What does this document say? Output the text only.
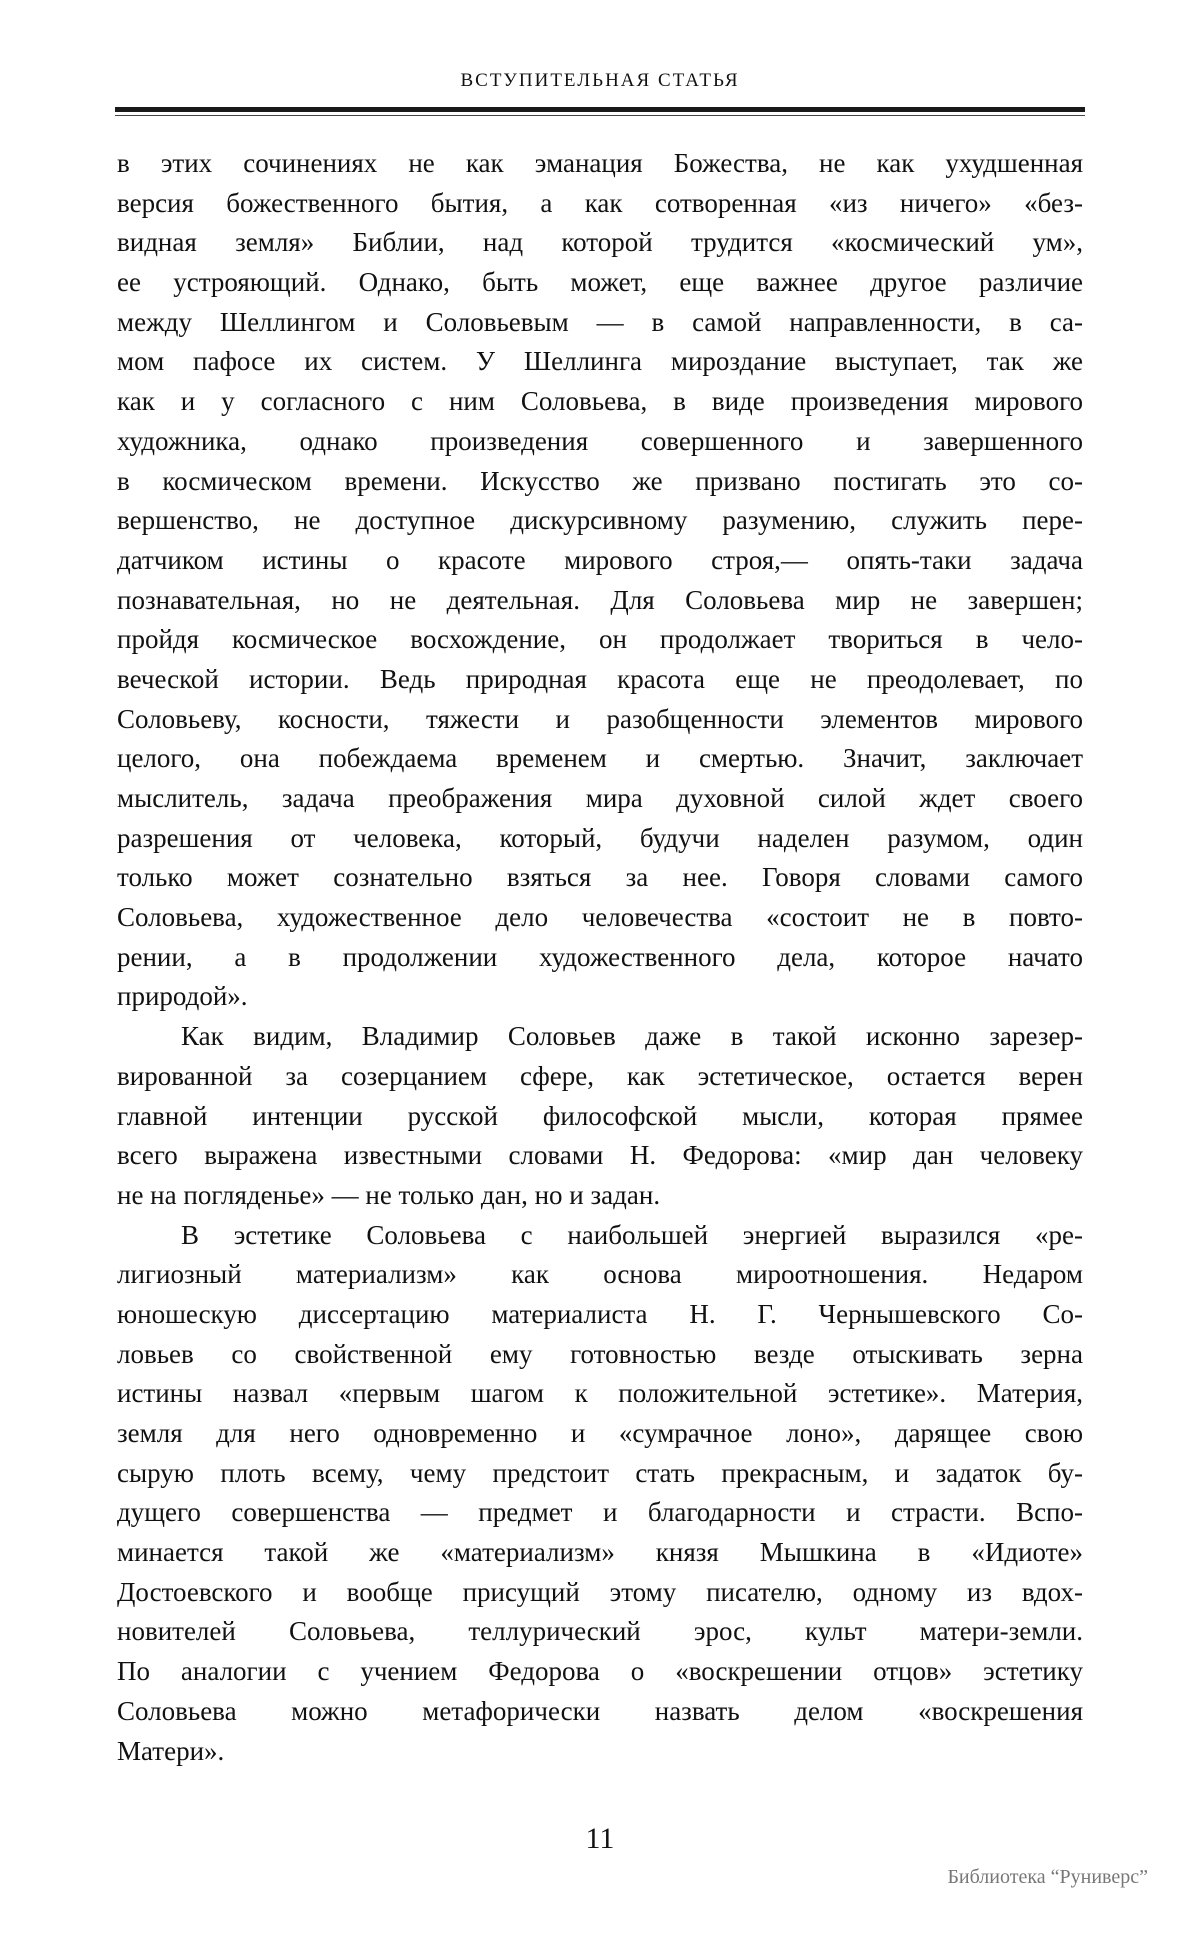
ВСТУПИТЕЛЬНАЯ СТАТЬЯ
в этих сочинениях не как эманация Божества, не как ухудшенная
версия божественного бытия, а как сотворенная «из ничего» «без-
видная земля» Библии, над которой трудится «космический ум»,
ее устрояющий. Однако, быть может, еще важнее другое различие
между Шеллингом и Соловьевым — в самой направленности, в са-
мом пафосе их систем. У Шеллинга мироздание выступает, так же
как и у согласного с ним Соловьева, в виде произведения мирового
художника, однако произведения совершенного и завершенного
в космическом времени. Искусство же призвано постигать это со-
вершенство, не доступное дискурсивному разумению, служить пере-
датчиком истины о красоте мирового строя,— опять-таки задача
познавательная, но не деятельная. Для Соловьева мир не завершен;
пройдя космическое восхождение, он продолжает твориться в чело-
веческой истории. Ведь природная красота еще не преодолевает, по
Соловьеву, косности, тяжести и разобщенности элементов мирового
целого, она побеждаема временем и смертью. Значит, заключает
мыслитель, задача преображения мира духовной силой ждет своего
разрешения от человека, который, будучи наделен разумом, один
только может сознательно взяться за нее. Говоря словами самого
Соловьева, художественное дело человечества «состоит не в повто-
рении, а в продолжении художественного дела, которое начато
природой».
Как видим, Владимир Соловьев даже в такой исконно зарезер-
вированной за созерцанием сфере, как эстетическое, остается верен
главной интенции русской философской мысли, которая прямее
всего выражена известными словами Н. Федорова: «мир дан человеку
не на погляденье» — не только дан, но и задан.
В эстетике Соловьева с наибольшей энергией выразился «ре-
лигиозный материализм» как основа мироотношения. Недаром
юношескую диссертацию материалиста Н. Г. Чернышевского Со-
ловьев со свойственной ему готовностью везде отыскивать зерна
истины назвал «первым шагом к положительной эстетике». Материя,
земля для него одновременно и «сумрачное лоно», дарящее свою
сырую плоть всему, чему предстоит стать прекрасным, и задаток бу-
дущего совершенства — предмет и благодарности и страсти. Вспо-
минается такой же «материализм» князя Мышкина в «Идиоте»
Достоевского и вообще присущий этому писателю, одному из вдох-
новителей Соловьева, теллурический эрос, культ матери-земли.
По аналогии с учением Федорова о «воскрешении отцов» эстетику
Соловьева можно метафорически назвать делом «воскрешения
Матери».
11
Библиотека “Руниверс”
